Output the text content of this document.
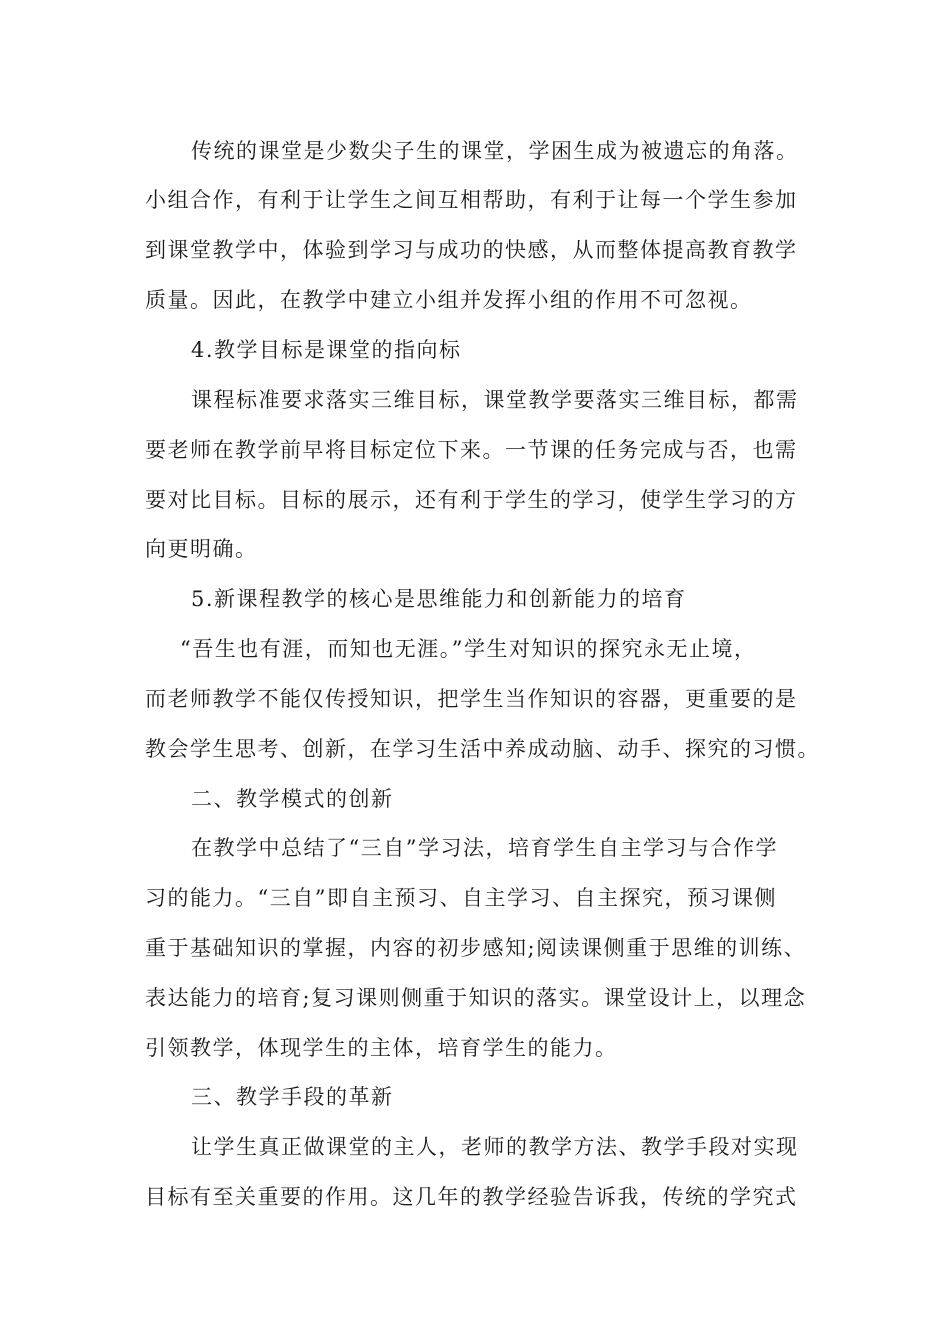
传统的课堂是少数尖子生的课堂，学困生成为被遗忘的角落。
小组合作，有利于让学生之间互相帮助，有利于让每一个学生参加
到课堂教学中，体验到学习与成功的快感，从而整体提高教育教学
质量。因此，在教学中建立小组并发挥小组的作用不可忽视。
4.教学目标是课堂的指向标
课程标准要求落实三维目标，课堂教学要落实三维目标，都需
要老师在教学前早将目标定位下来。一节课的任务完成与否，也需
要对比目标。目标的展示，还有利于学生的学习，使学生学习的方
向更明确。
5.新课程教学的核心是思维能力和创新能力的培育
“吾生也有涯，而知也无涯。”学生对知识的探究永无止境，
而老师教学不能仅传授知识，把学生当作知识的容器，更重要的是
教会学生思考、创新，在学习生活中养成动脑、动手、探究的习惯。
二、教学模式的创新
在教学中总结了“三自”学习法，培育学生自主学习与合作学
习的能力。“三自”即自主预习、自主学习、自主探究，预习课侧
重于基础知识的掌握，内容的初步感知;阅读课侧重于思维的训练、
表达能力的培育;复习课则侧重于知识的落实。课堂设计上，以理念
引领教学，体现学生的主体，培育学生的能力。
三、教学手段的革新
让学生真正做课堂的主人，老师的教学方法、教学手段对实现
目标有至关重要的作用。这几年的教学经验告诉我，传统的学究式
